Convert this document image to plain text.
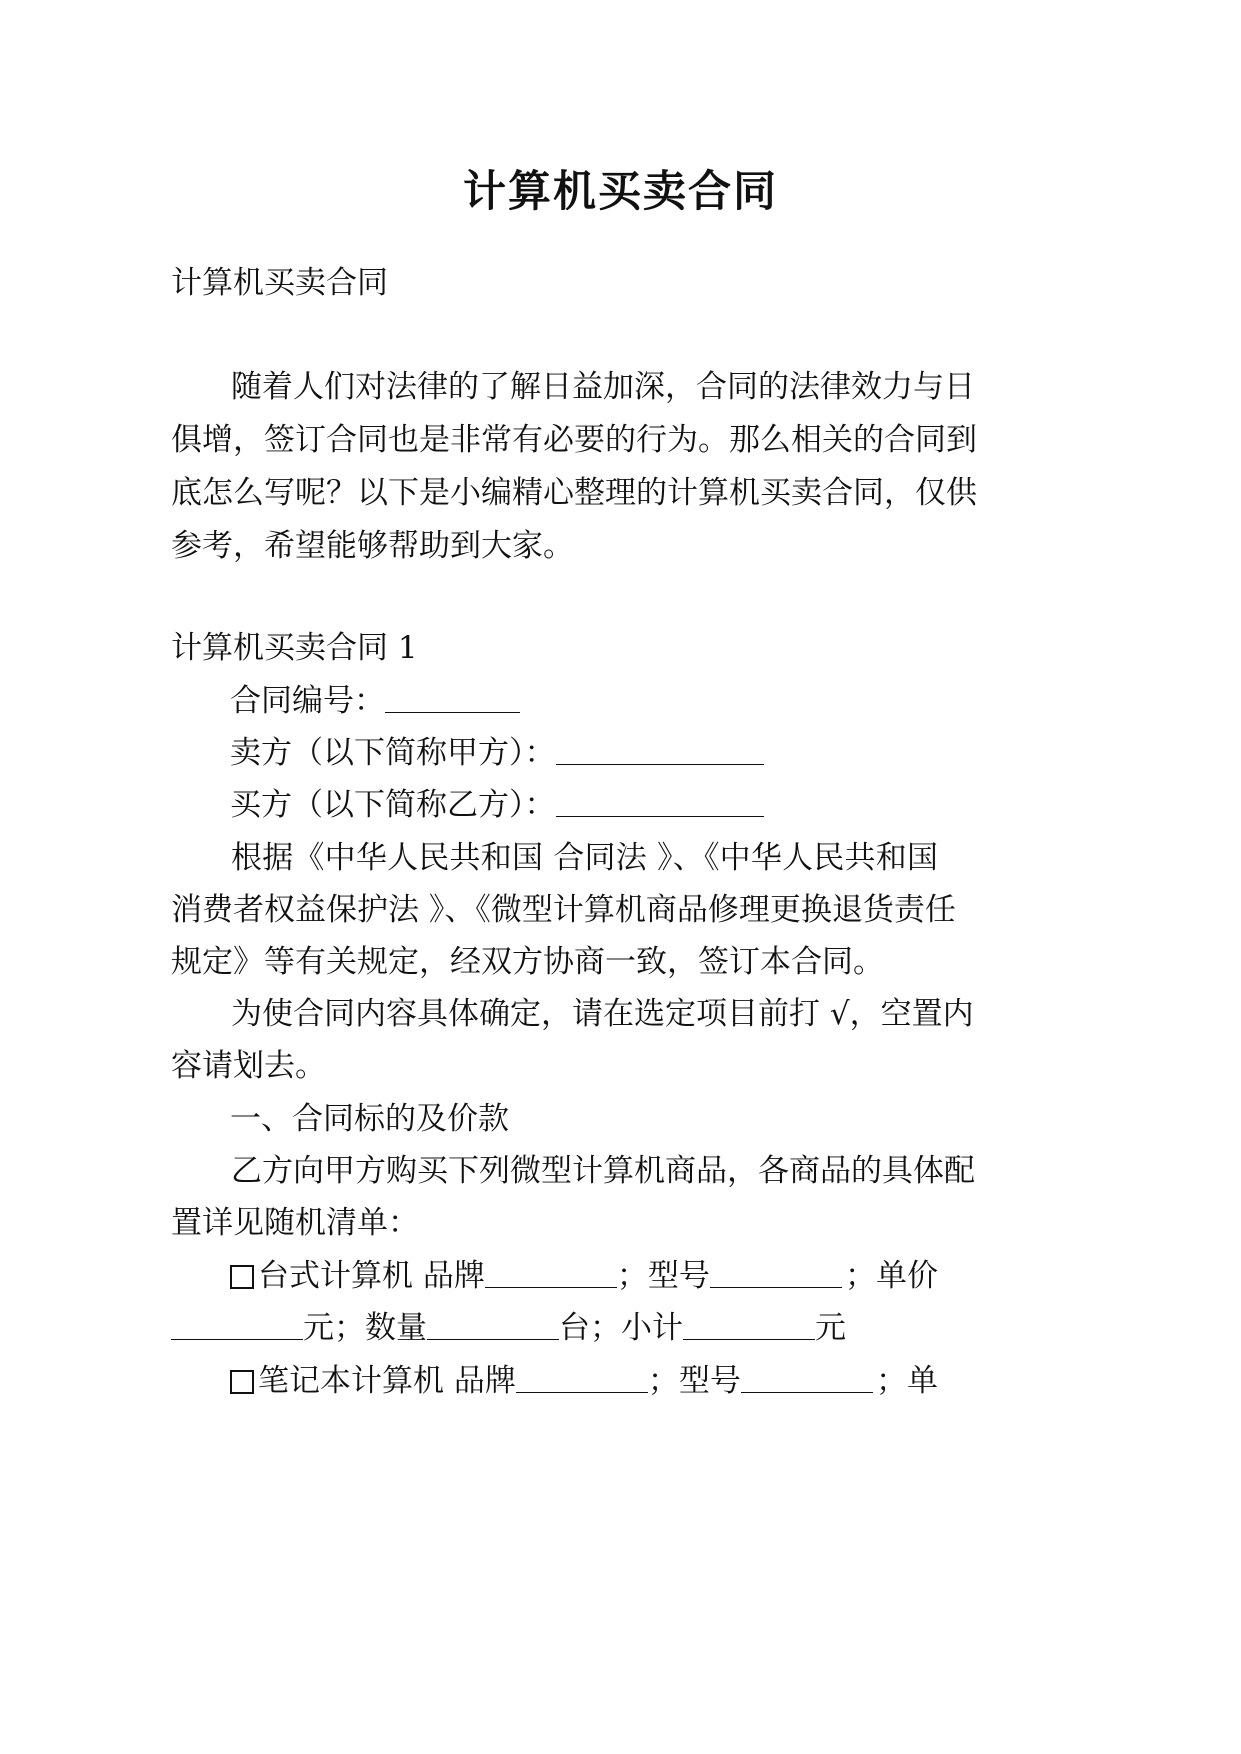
计算机买卖合同

计算机买卖合同

随着人们对法律的了解日益加深，合同的法律效力与日

俱增，签订合同也是非常有必要的行为。那么相关的合同到

底怎么写呢？以下是小编精心整理的计算机买卖合同，仅供

参考，希望能够帮助到大家。

计算机买卖合同 1

合同编号：

卖方（以下简称甲方）：

买方（以下简称乙方）：

根据《中华人民共和国 合同法 》、《中华人民共和国

消费者权益保护法 》、《微型计算机商品修理更换退货责任

规定》等有关规定，经双方协商一致，签订本合同。

为使合同内容具体确定，请在选定项目前打 √，空置内

容请划去。

一、合同标的及价款

乙方向甲方购买下列微型计算机商品，各商品的具体配

置详见随机清单：

台式计算机 品牌	；型号	；单价

元；数量	台；小计	元

笔记本计算机 品牌	；型号	；单
